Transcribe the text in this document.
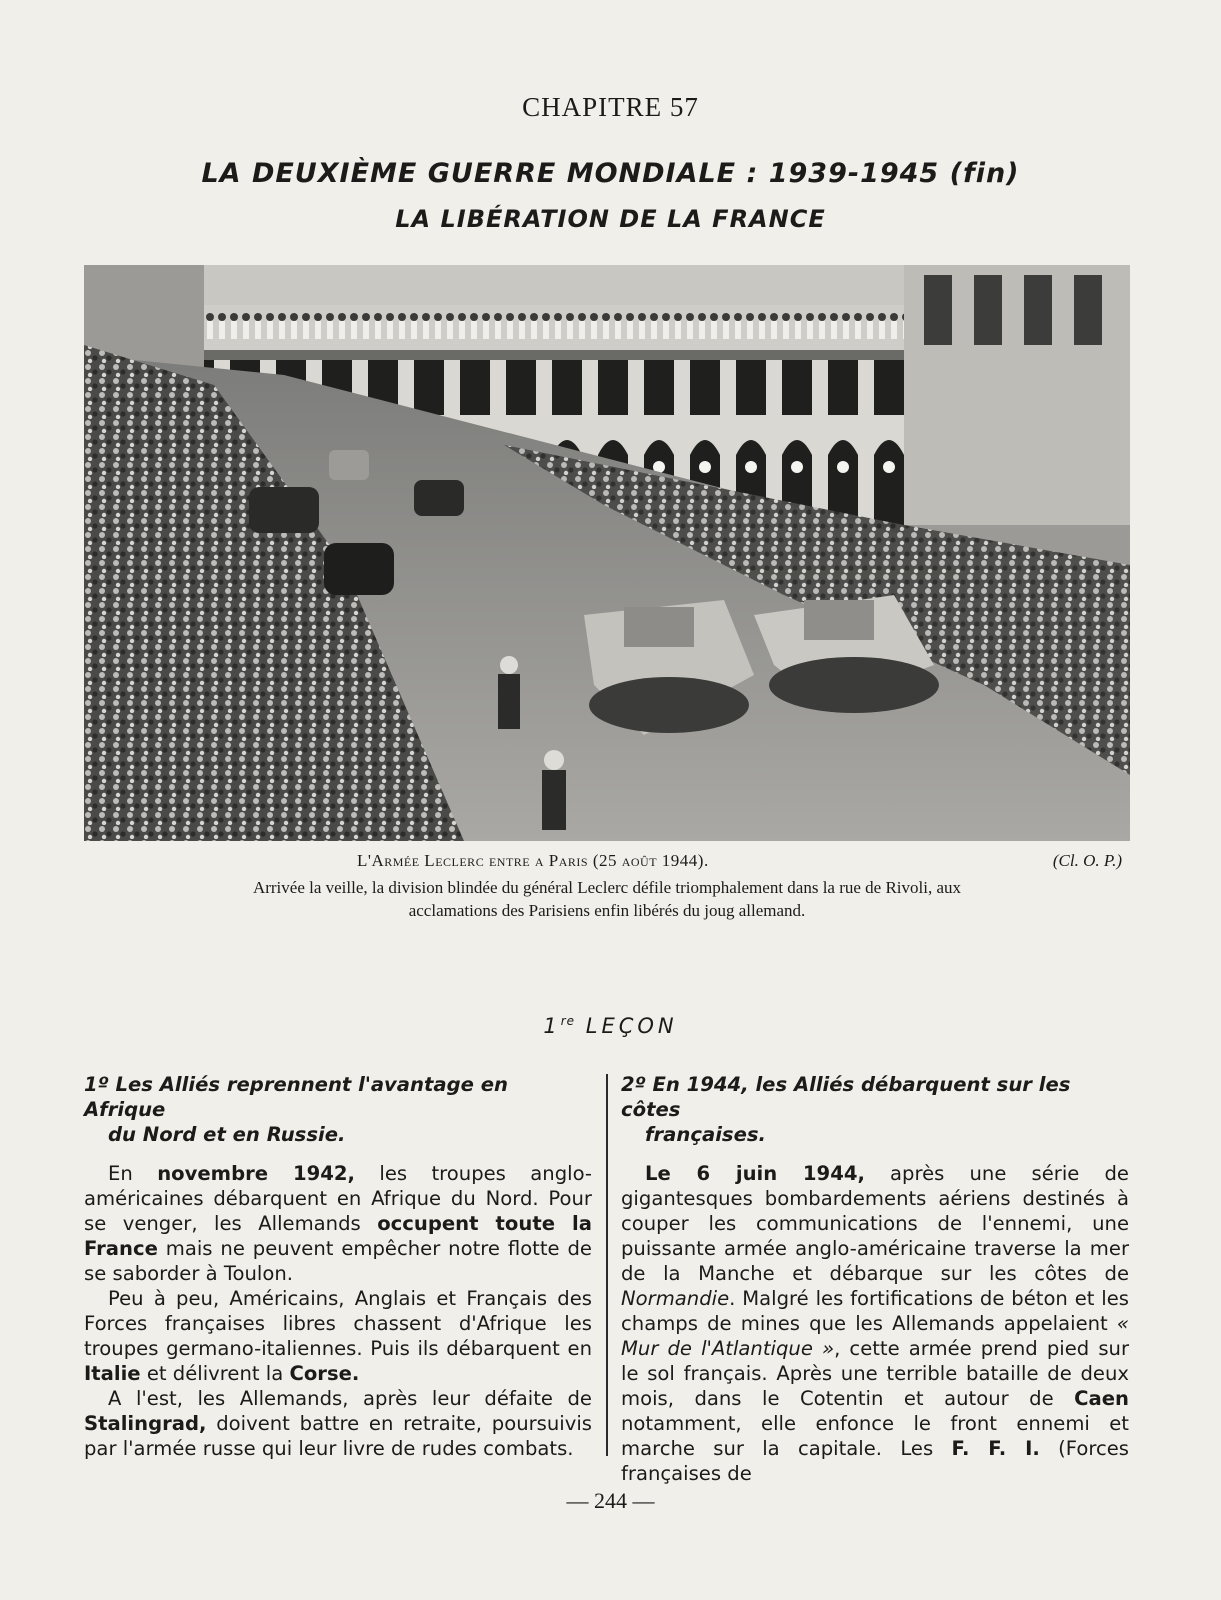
CHAPITRE 57
LA DEUXIÈME GUERRE MONDIALE : 1939-1945 (fin)
LA LIBÉRATION DE LA FRANCE
L'Armée Leclerc entre a Paris (25 août 1944).	(Cl. O. P.)
Arrivée la veille, la division blindée du général Leclerc défile triomphalement dans la rue de Rivoli, aux
acclamations des Parisiens enfin libérés du joug allemand.
1re LEÇON
1º Les Alliés reprennent l'avantage en Afrique
du Nord et en Russie.

En novembre 1942, les troupes anglo-américaines débarquent en Afrique du Nord. Pour se venger, les Allemands occupent toute la France mais ne peuvent empêcher notre flotte de se saborder à Toulon.

Peu à peu, Américains, Anglais et Français des Forces françaises libres chassent d'Afrique les troupes germano-italiennes. Puis ils débarquent en Italie et délivrent la Corse.

A l'est, les Allemands, après leur défaite de Stalingrad, doivent battre en retraite, poursuivis par l'armée russe qui leur livre de rudes combats.

2º En 1944, les Alliés débarquent sur les côtes
françaises.

Le 6 juin 1944, après une série de gigantesques bombardements aériens destinés à couper les communications de l'ennemi, une puissante armée anglo-américaine traverse la mer de la Manche et débarque sur les côtes de Normandie. Malgré les fortifications de béton et les champs de mines que les Allemands appelaient « Mur de l'Atlantique », cette armée prend pied sur le sol français. Après une terrible bataille de deux mois, dans le Cotentin et autour de Caen notamment, elle enfonce le front ennemi et marche sur la capitale. Les F. F. I. (Forces françaises de

— 244 —
